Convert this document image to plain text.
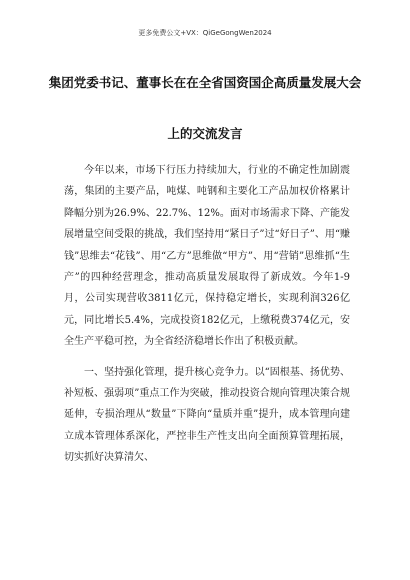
更多免费公文+VX：QiGeGongWen2024
集团党委书记、董事长在在全省国资国企高质量发展大会
上的交流发言

今年以来，市场下行压力持续加大，行业的不确定性加剧震荡，集团的主要产品，吨煤、吨钢和主要化工产品加权价格累计降幅分别为26.9%、22.7%、12%。面对市场需求下降、产能发展增量空间受限的挑战，我们坚持用“紧日子”过“好日子”、用“赚钱”思维去“花钱”、用“乙方”思维做“甲方”、用“营销”思维抓“生产”的四种经营理念，推动高质量发展取得了新成效。今年1-9月，公司实现营收3811亿元，保持稳定增长，实现利润326亿元，同比增长5.4%，完成投资182亿元，上缴税费374亿元，安全生产平稳可控，为全省经济稳增长作出了积极贡献。

一、坚持强化管理，提升核心竞争力。以“固根基、扬优势、补短板、强弱项”重点工作为突破，推动投资合规向管理决策合规延伸，专损治理从“数量”下降向“量质并重”提升，成本管理向建立成本管理体系深化，严控非生产性支出向全面预算管理拓展，切实抓好决算清欠、
